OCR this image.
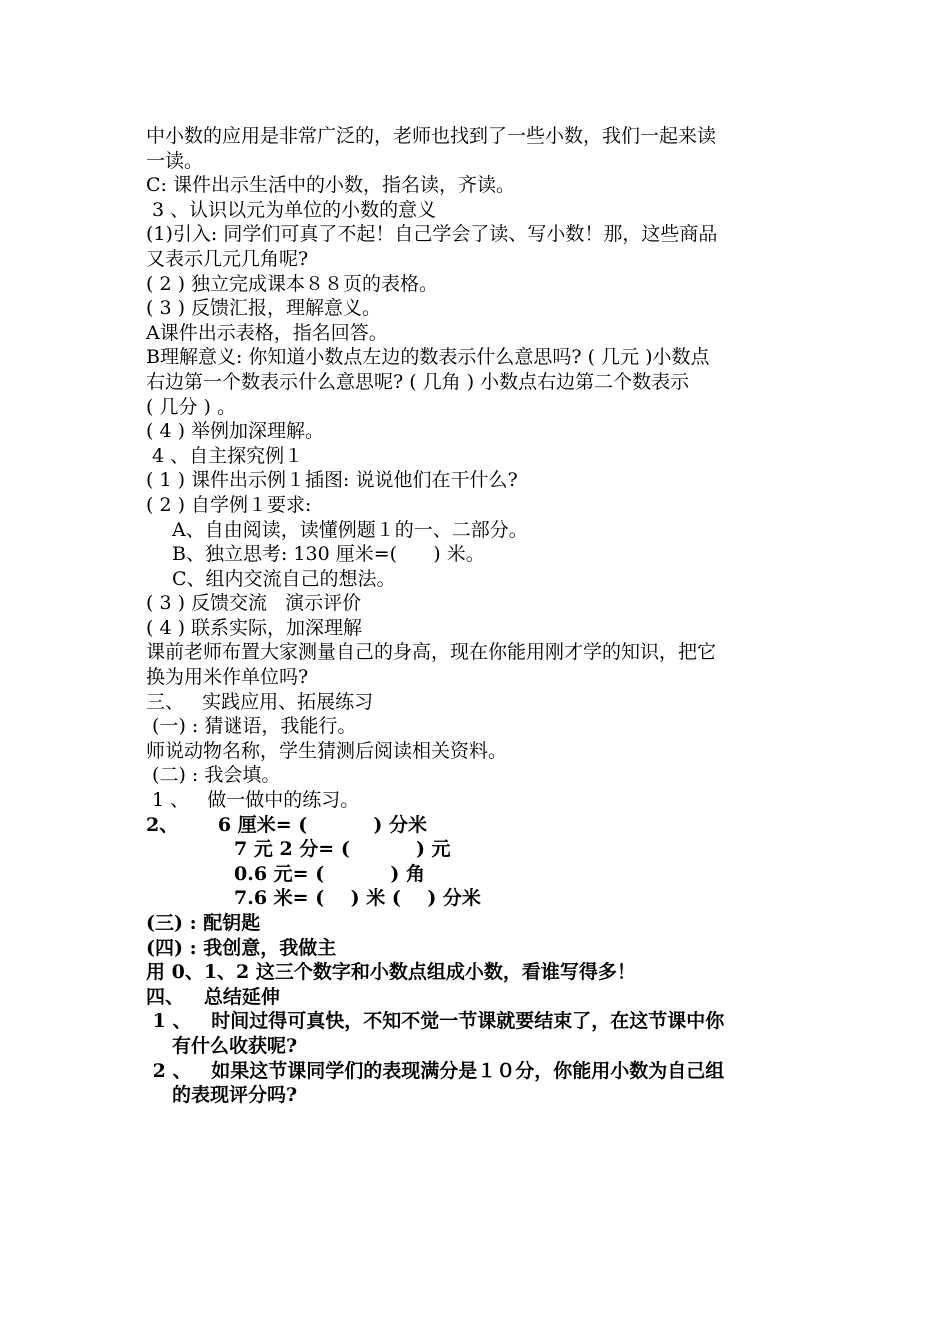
中小数的应用是非常广泛的，老师也找到了一些小数，我们一起来读

一读。

C: 课件出示生活中的小数，指名读，齐读。

3 、认识以元为单位的小数的意义

(1)引入: 同学们可真了不起！自己学会了读、写小数！那，这些商品

又表示几元几角呢?

( 2 ) 独立完成课本８８页的表格。

( 3 ) 反馈汇报，理解意义。

A课件出示表格，指名回答。

B理解意义: 你知道小数点左边的数表示什么意思吗? ( 几元 )小数点

右边第一个数表示什么意思呢? ( 几角 ) 小数点右边第二个数表示

( 几分 ) 。

( 4 ) 举例加深理解。

4 、自主探究例１

( 1 ) 课件出示例１插图: 说说他们在干什么?

( 2 ) 自学例１要求:

A、自由阅读，读懂例题１的一、二部分。

B、独立思考: 130 厘米=(      ) 米。

C、组内交流自己的想法。

( 3 ) 反馈交流   演示评价

( 4 ) 联系实际，加深理解

课前老师布置大家测量自己的身高，现在你能用刚才学的知识，把它

换为用米作单位吗?

三、   实践应用、拓展练习

(一) : 猜谜语，我能行。

师说动物名称，学生猜测后阅读相关资料。

(二) : 我会填。

1 、   做一做中的练习。

2、      6 厘米= (          ) 分米

7 元 2 分= (          ) 元

0.6 元= (          ) 角

7.6 米= (    ) 米 (    ) 分米

(三) : 配钥匙

(四) : 我创意，我做主

用 0、1、2 这三个数字和小数点组成小数，看谁写得多！

四、   总结延伸

1 、   时间过得可真快，不知不觉一节课就要结束了，在这节课中你

有什么收获呢?

2 、   如果这节课同学们的表现满分是１０分，你能用小数为自己组

的表现评分吗?
